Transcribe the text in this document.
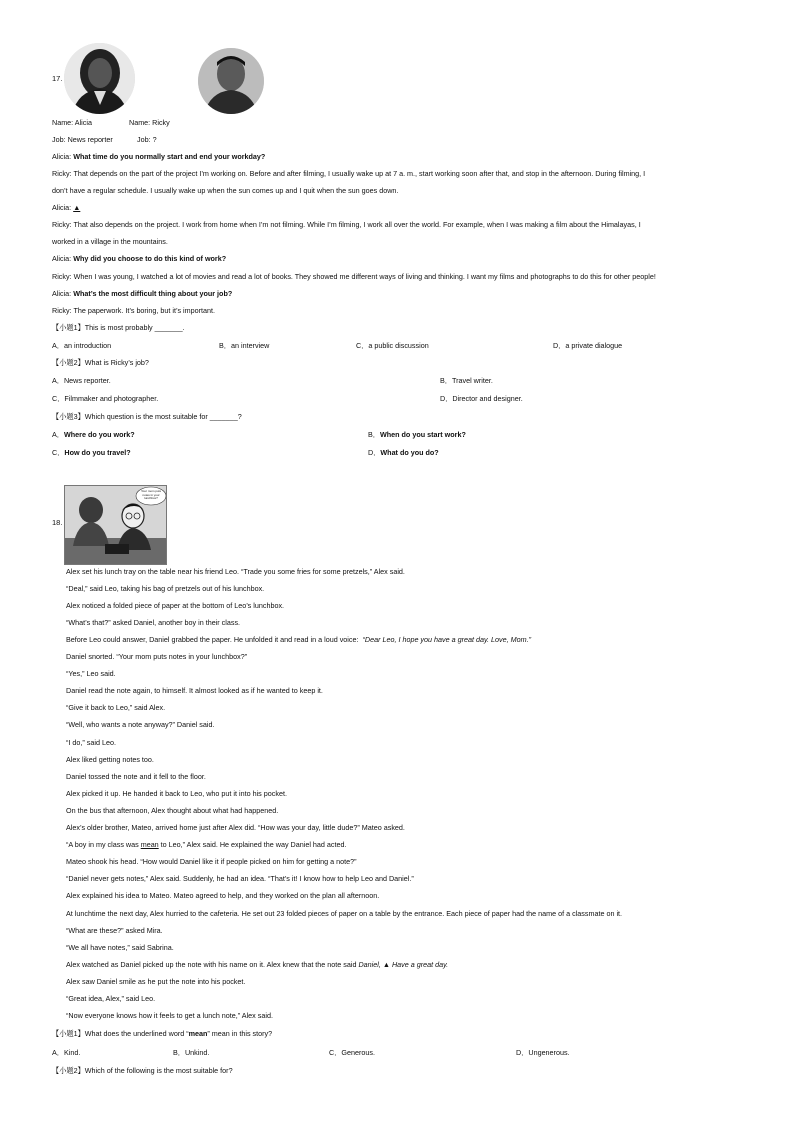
17.
Name: Alicia	Name: Ricky
Job: News reporter	Job: ?
Alicia: What time do you normally start and end your workday?
Ricky: That depends on the part of the project I’m working on. Before and after filming, I usually wake up at 7 a. m., start working soon after that, and stop in the afternoon. During filming, I
don’t have a regular schedule. I usually wake up when the sun comes up and I quit when the sun goes down.
Alicia: ▲
Ricky: That also depends on the project. I work from home when I’m not filming. While I’m filming, I work all over the world. For example, when I was making a film about the Himalayas, I
worked in a village in the mountains.
Alicia: Why did you choose to do this kind of work?
Ricky: When I was young, I watched a lot of movies and read a lot of books. They showed me different ways of living and thinking. I want my films and photographs to do this for other people!
Alicia: What’s the most difficult thing about your job?
Ricky: The paperwork. It’s boring, but it’s important.
【小题1】This is most probably _______.
A．an introduction	B．an interview	C．a public discussion	D．a private dialogue
【小题2】What is Ricky’s job?
A．News reporter.	B．Travel writer.
C．Filmmaker and photographer.	D．Director and designer.
【小题3】Which question is the most suitable for _______?
A．Where do you work?	B．When do you start work?
C．How do you travel?	D．What do you do?
18.
Your mom puts notes in your lunchbox?
Alex set his lunch tray on the table near his friend Leo. “Trade you some fries for some pretzels,” Alex said.
“Deal,” said Leo, taking his bag of pretzels out of his lunchbox.
Alex noticed a folded piece of paper at the bottom of Leo’s lunchbox.
“What’s that?” asked Daniel, another boy in their class.
Before Leo could answer, Daniel grabbed the paper. He unfolded it and read in a loud voice: “Dear Leo, I hope you have a great day. Love, Mom.”
Daniel snorted. “Your mom puts notes in your lunchbox?”
“Yes,” Leo said.
Daniel read the note again, to himself. It almost looked as if he wanted to keep it.
“Give it back to Leo,” said Alex.
“Well, who wants a note anyway?” Daniel said.
“I do,” said Leo.
Alex liked getting notes too.
Daniel tossed the note and it fell to the floor.
Alex picked it up. He handed it back to Leo, who put it into his pocket.
On the bus that afternoon, Alex thought about what had happened.
Alex’s older brother, Mateo, arrived home just after Alex did. “How was your day, little dude?” Mateo asked.
“A boy in my class was mean to Leo,” Alex said. He explained the way Daniel had acted.
Mateo shook his head. “How would Daniel like it if people picked on him for getting a note?”
“Daniel never gets notes,” Alex said. Suddenly, he had an idea. “That’s it! I know how to help Leo and Daniel.”
Alex explained his idea to Mateo. Mateo agreed to help, and they worked on the plan all afternoon.
At lunchtime the next day, Alex hurried to the cafeteria. He set out 23 folded pieces of paper on a table by the entrance. Each piece of paper had the name of a classmate on it.
“What are these?” asked Mira.
“We all have notes,” said Sabrina.
Alex watched as Daniel picked up the note with his name on it. Alex knew that the note said Daniel, ▲ Have a great day.
Alex saw Daniel smile as he put the note into his pocket.
“Great idea, Alex,” said Leo.
“Now everyone knows how it feels to get a lunch note,” Alex said.
【小题1】What does the underlined word “mean” mean in this story?
A．Kind.	B．Unkind.	C．Generous.	D．Ungenerous.
【小题2】Which of the following is the most suitable for?
